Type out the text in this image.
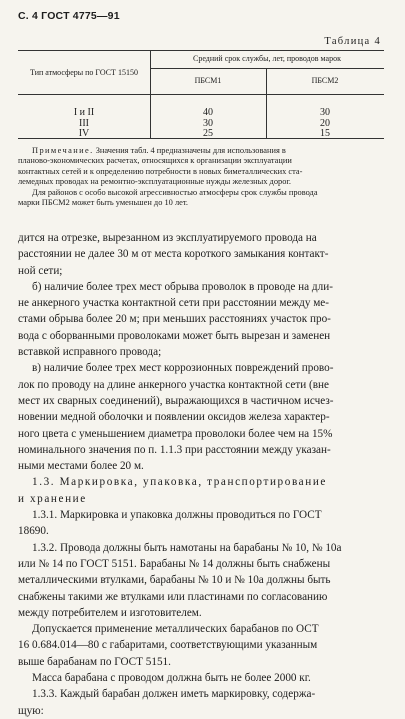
С. 4 ГОСТ 4775—91
Таблица 4
Тип атмосферы по ГОСТ 15150
Средний срок службы, лет, проводов марок
ПБСМ1	ПБСМ2
I и II	40	30
III	30	20
IV	25	15
Примечание. Значения табл. 4 предназначены для использования в
планово-экономических расчетах, относящихся к организации эксплуатации
контактных сетей и к определению потребности в новых биметаллических ста-
лемедных проводах на ремонтно-эксплуатационные нужды железных дорог.
Для районов с особо высокой агрессивностью атмосферы срок службы провода
марки ПБСМ2 может быть уменьшен до 10 лет.
дится на отрезке, вырезанном из эксплуатируемого провода на
расстоянии не далее 30 м от места короткого замыкания контакт-
ной сети;
б) наличие более трех мест обрыва проволок в проводе на дли-
не анкерного участка контактной сети при расстоянии между ме-
стами обрыва более 20 м; при меньших расстояниях участок про-
вода с оборванными проволоками может быть вырезан и заменен
вставкой исправного провода;
в) наличие более трех мест коррозионных повреждений прово-
лок по проводу на длине анкерного участка контактной сети (вне
мест их сварных соединений), выражающихся в частичном исчез-
новении медной оболочки и появлении оксидов железа характер-
ного цвета с уменьшением диаметра проволоки более чем на 15%
номинального значения по п. 1.1.3 при расстоянии между указан-
ными местами более 20 м.
1.3. Маркировка, упаковка, транспортирование
и хранение
1.3.1. Маркировка и упаковка должны проводиться по ГОСТ
18690.
1.3.2. Провода должны быть намотаны на барабаны № 10, № 10а
или № 14 по ГОСТ 5151. Барабаны № 14 должны быть снабжены
металлическими втулками, барабаны № 10 и № 10а должны быть
снабжены такими же втулками или пластинами по согласованию
между потребителем и изготовителем.
Допускается применение металлических барабанов по ОСТ
16 0.684.014—80 с габаритами, соответствующими указанным
выше барабанам по ГОСТ 5151.
Масса барабана с проводом должна быть не более 2000 кг.
1.3.3. Каждый барабан должен иметь маркировку, содержа-
щую:
